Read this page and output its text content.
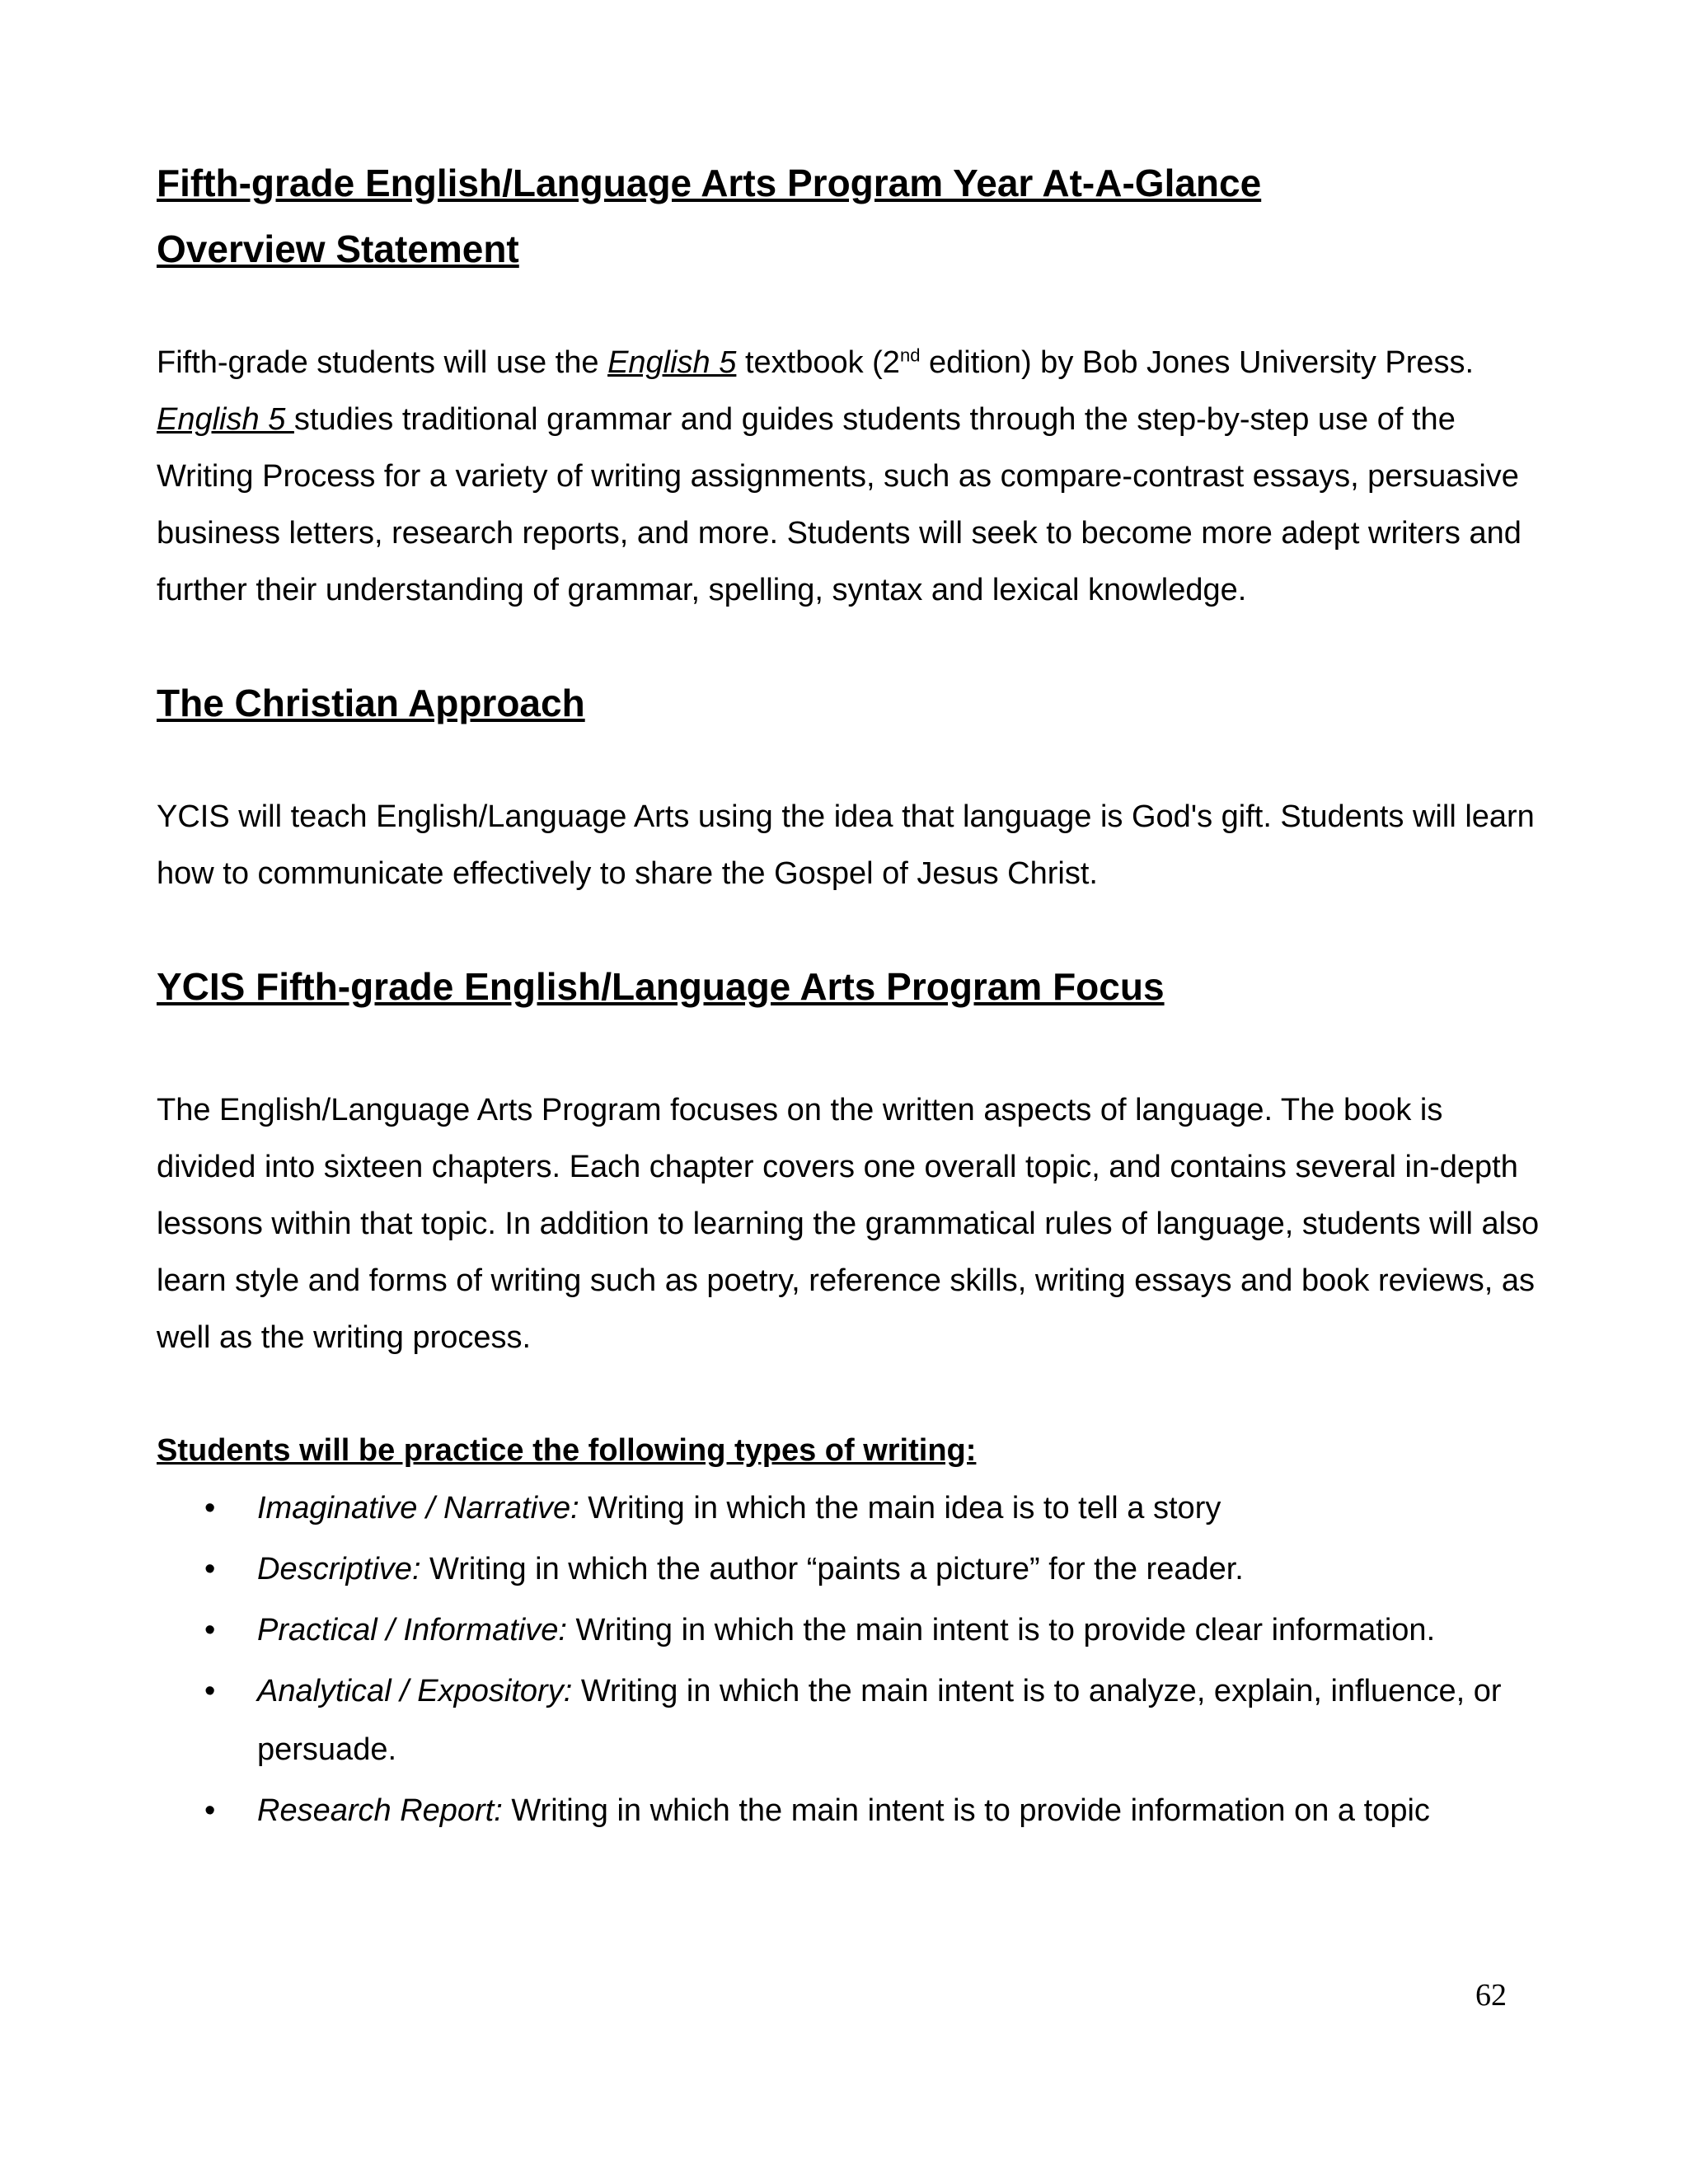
Fifth-grade English/Language Arts Program Year At-A-Glance
Overview Statement

Fifth-grade students will use the English 5 textbook (2nd edition) by Bob Jones University Press. English 5 studies traditional grammar and guides students through the step-by-step use of the Writing Process for a variety of writing assignments, such as compare-contrast essays, persuasive business letters, research reports, and more. Students will seek to become more adept writers and further their understanding of grammar, spelling, syntax and lexical knowledge.

The Christian Approach

YCIS will teach English/Language Arts using the idea that language is God's gift. Students will learn how to communicate effectively to share the Gospel of Jesus Christ.

YCIS Fifth-grade English/Language Arts Program Focus

The English/Language Arts Program focuses on the written aspects of language. The book is divided into sixteen chapters. Each chapter covers one overall topic, and contains several in-depth lessons within that topic. In addition to learning the grammatical rules of language, students will also learn style and forms of writing such as poetry, reference skills, writing essays and book reviews, as well as the writing process.

Students will be practice the following types of writing:

• Imaginative / Narrative: Writing in which the main idea is to tell a story
• Descriptive: Writing in which the author “paints a picture” for the reader.
• Practical / Informative: Writing in which the main intent is to provide clear information.
• Analytical / Expository: Writing in which the main intent is to analyze, explain, influence, or persuade.
• Research Report: Writing in which the main intent is to provide information on a topic
62
